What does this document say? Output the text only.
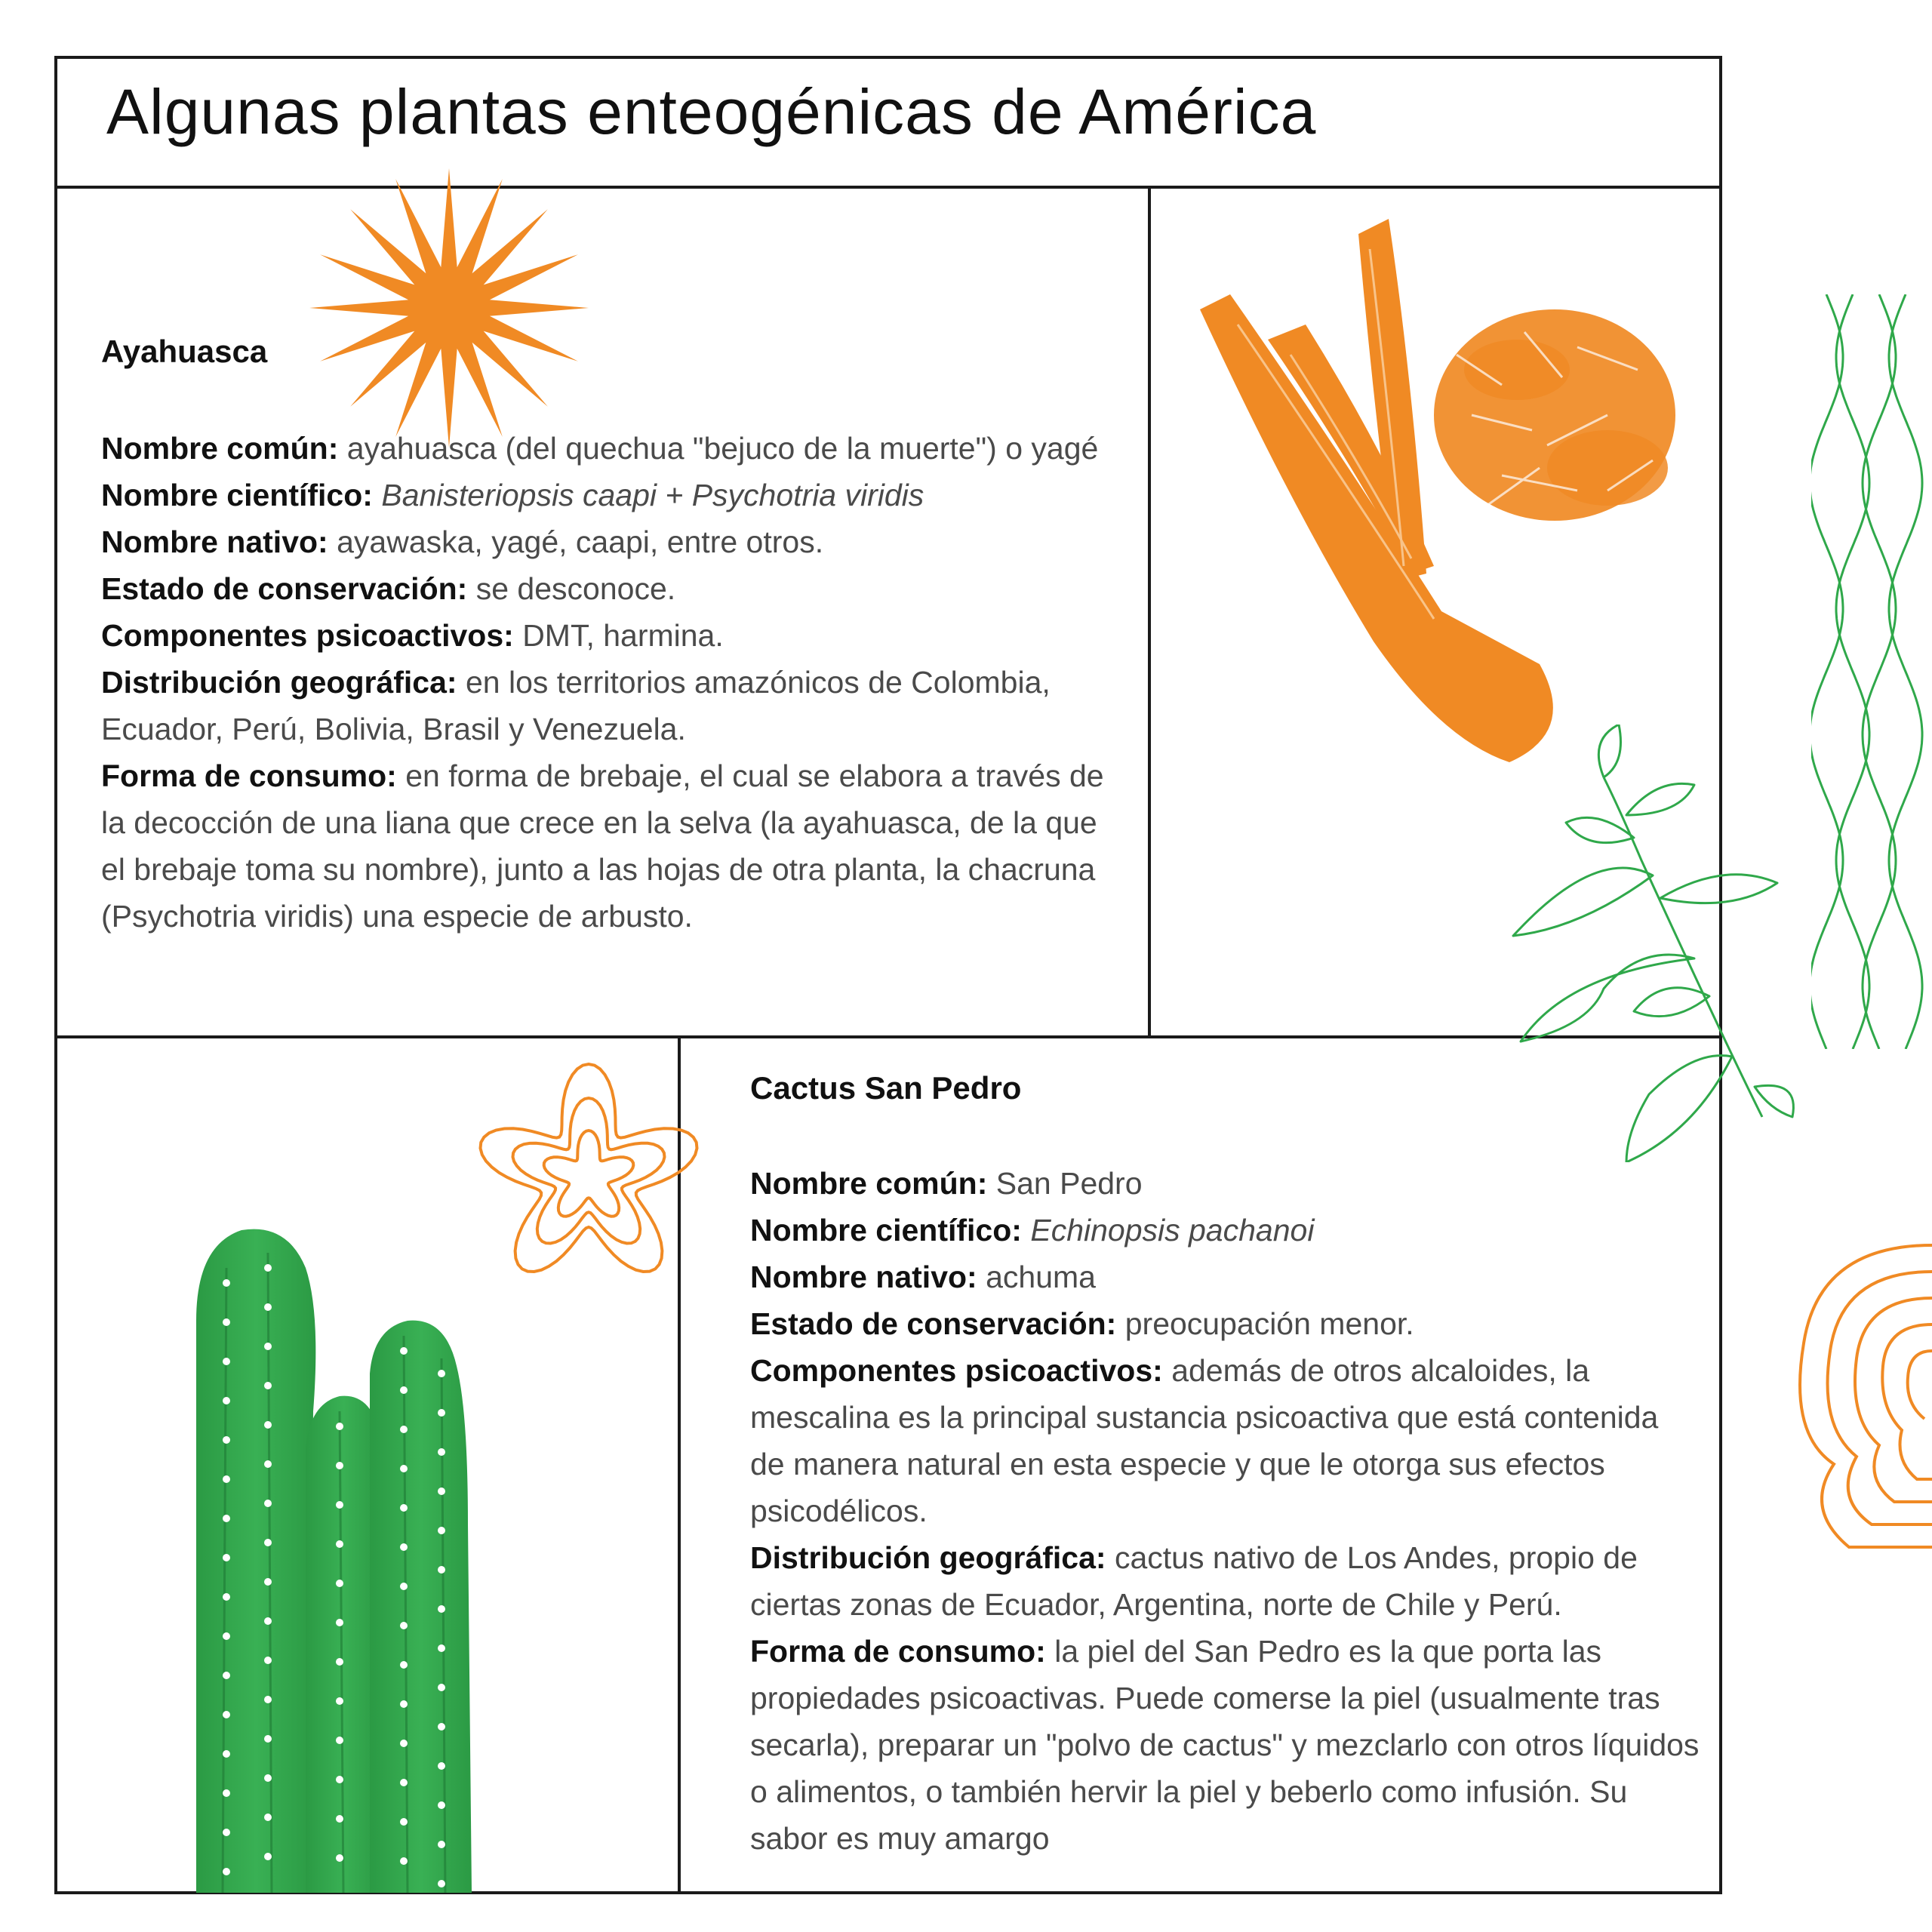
Algunas plantas enteogénicas de América
Ayahuasca
Nombre común: ayahuasca (del quechua "bejuco de la muerte") o yagé
Nombre científico: Banisteriopsis caapi + Psychotria viridis
Nombre nativo: ayawaska, yagé, caapi, entre otros.
Estado de conservación: se desconoce.
Componentes psicoactivos: DMT, harmina.
Distribución geográfica: en los territorios amazónicos de Colombia, Ecuador, Perú, Bolivia, Brasil y Venezuela.
Forma de consumo: en forma de brebaje, el cual se elabora a través de la decocción de una liana que crece en la selva (la ayahuasca, de la que el brebaje toma su nombre), junto a las hojas de otra planta, la chacruna (Psychotria viridis) una especie de arbusto.
Cactus San Pedro
Nombre común: San Pedro
Nombre científico: Echinopsis pachanoi
Nombre nativo: achuma
Estado de conservación: preocupación menor.
Componentes psicoactivos: además de otros alcaloides, la mescalina es la principal sustancia psicoactiva que está contenida de manera natural en esta especie y que le otorga sus efectos psicodélicos.
Distribución geográfica: cactus nativo de Los Andes, propio de ciertas zonas de Ecuador, Argentina, norte de Chile y Perú.
Forma de consumo: la piel del San Pedro es la que porta las propiedades psicoactivas. Puede comerse la piel (usualmente tras secarla), preparar un "polvo de cactus" y mezclarlo con otros líquidos o alimentos, o también hervir la piel y beberlo como infusión. Su sabor es muy amargo
